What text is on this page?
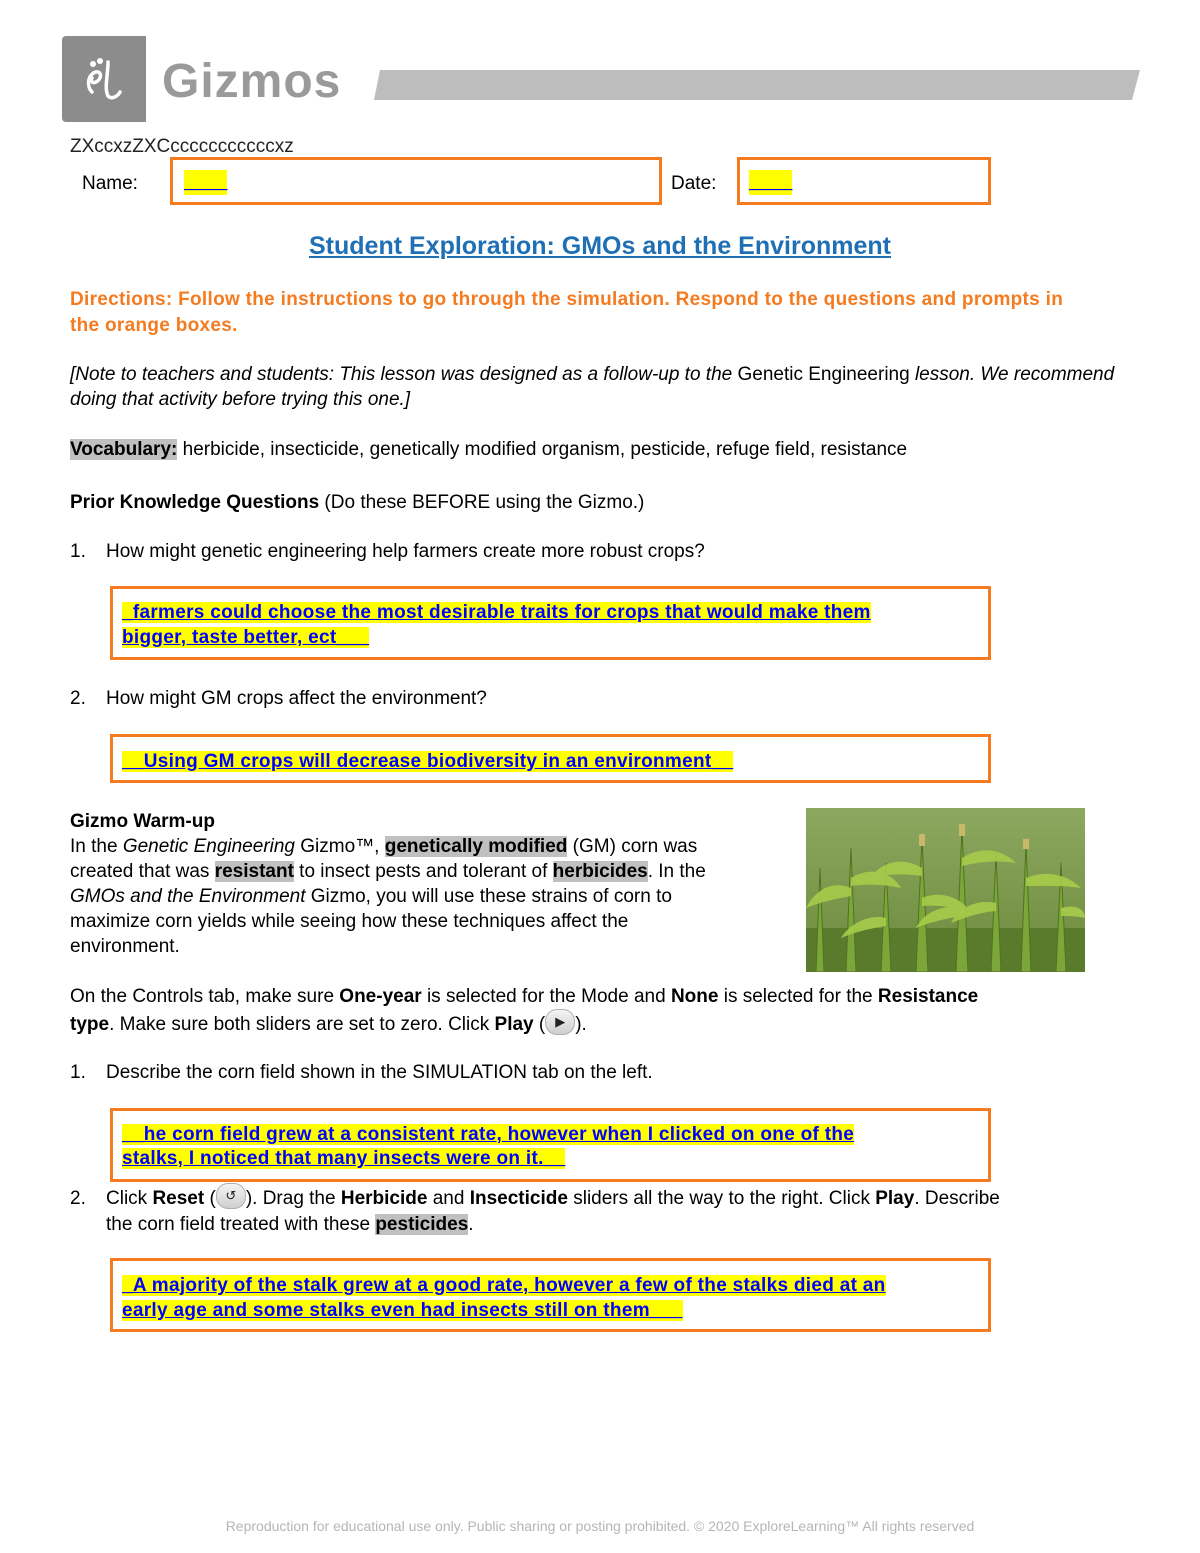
Gizmos
ZXccxzZXCcccccccccccxz
Name: ____	Date: ____
Student Exploration: GMOs and the Environment
Directions: Follow the instructions to go through the simulation. Respond to the questions and prompts in the orange boxes.
[Note to teachers and students: This lesson was designed as a follow-up to the Genetic Engineering lesson. We recommend doing that activity before trying this one.]
Vocabulary: herbicide, insecticide, genetically modified organism, pesticide, refuge field, resistance
Prior Knowledge Questions (Do these BEFORE using the Gizmo.)
1.	How might genetic engineering help farmers create more robust crops?
_farmers could choose the most desirable traits for crops that would make them
bigger, taste better, ect___
2.	How might GM crops affect the environment?
__Using GM crops will decrease biodiversity in an environment__
Gizmo Warm-up
In the Genetic Engineering Gizmo™, genetically modified (GM) corn was
created that was resistant to insect pests and tolerant of herbicides. In the
GMOs and the Environment Gizmo, you will use these strains of corn to
maximize corn yields while seeing how these techniques affect the
environment.
On the Controls tab, make sure One-year is selected for the Mode and None is selected for the Resistance
type. Make sure both sliders are set to zero. Click Play ( ▶ ).
1.	Describe the corn field shown in the SIMULATION tab on the left.
__he corn field grew at a consistent rate, however when I clicked on one of the
stalks, I noticed that many insects were on it.__
2.	Click Reset ( ↺ ). Drag the Herbicide and Insecticide sliders all the way to the right. Click Play. Describe
the corn field treated with these pesticides.
_A majority of the stalk grew at a good rate, however a few of the stalks died at an
early age and some stalks even had insects still on them___
Reproduction for educational use only. Public sharing or posting prohibited. © 2020 ExploreLearning™ All rights reserved
